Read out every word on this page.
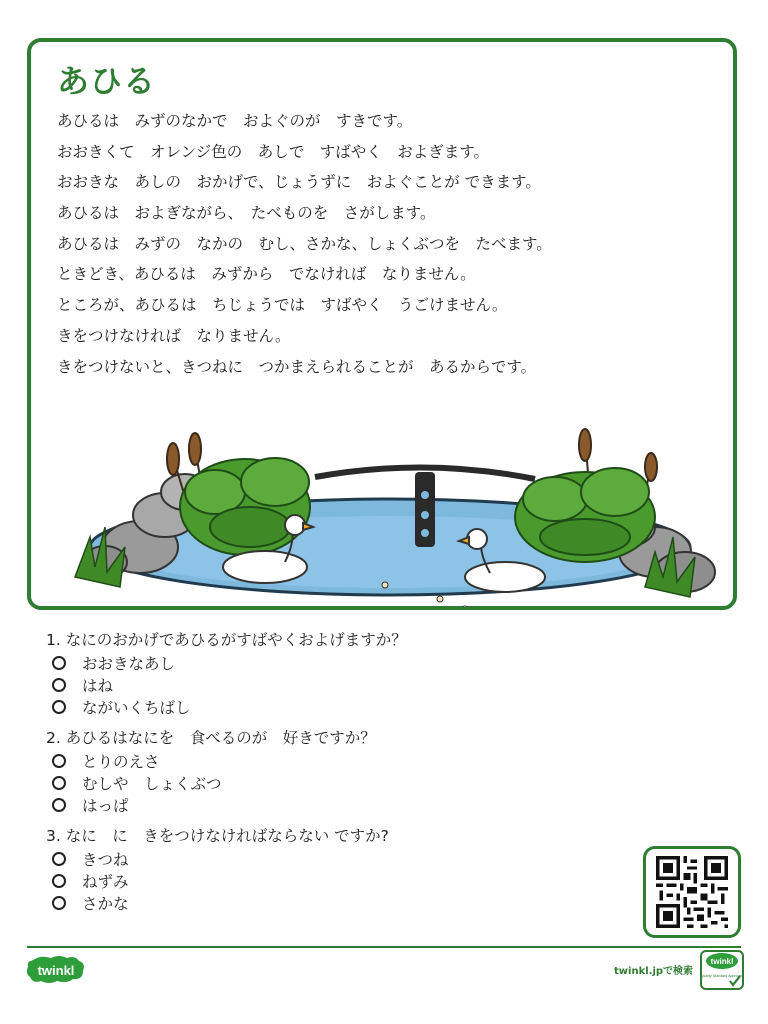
あひる
あひるは　みずのなかで　およぐのが　すきです。
おおきくて　オレンジ色の　あしで　すばやく　およぎます。
おおきな　あしの　おかげで、じょうずに　およぐことが できます。
あひるは　およぎながら、　たべものを　さがします。
あひるは　みずの　なかの　むし、さかな、しょくぶつを　たべます。
ときどき、あひるは　みずから　でなければ　なりません。
ところが、あひるは　ちじょうでは　すばやく　うごけません。
きをつけなければ　なりません。
きをつけないと、きつねに　つかまえられることが　あるからです。
1. なにのおかげであひるがすばやくおよげますか？
おおきなあし
はね
ながいくちばし
2. あひるはなにを　食べるのが　好きですか？
とりのえさ
むしや　しょくぶつ
はっぱ
3. なに　に　きをつけなければならない ですか?
きつね
ねずみ
さかな
twinkl	twinkl.jpで検索
twinkl
Quality Standard Approved
